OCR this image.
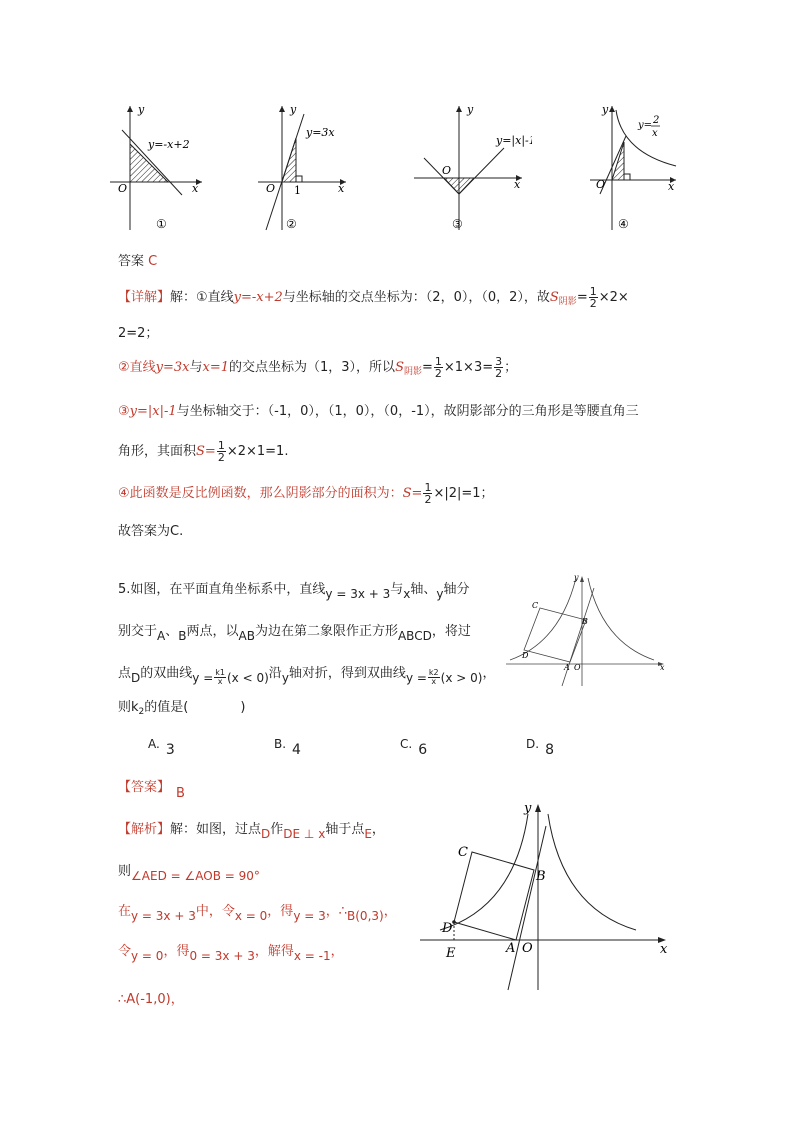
y
x
O
y=-x+2
①
y
x
O
y=3x
1
②
y
x
O
y=|x|-1
③
y
x
O
y= 2
x
④
答案 C
【详解】解：①直线y=-x+2与坐标轴的交点坐标为：（2，0），（0，2），故$S_{阴影}= \frac{1}{2} \times 2\times$
2=2；
②直线y=3x与x=1的交点坐标为（1，3），所以$S_{阴影}= \frac{1}{2} \times 1\times 3= \frac{3}{2}$ ；
③y=|x|-1与坐标轴交于：（-1，0），（1，0），（0，-1），故阴影部分的三角形是等腰直角三
角形，其面积$S= \frac{1}{2} \times 2\times 1=1$.
④此函数是反比例函数，那么阴影部分的面积为：$S= \frac{1}{2} \times|2|=1$；
故答案为C.
5.如图，在平面直角坐标系中，直线y = 3x + 3与x轴、y轴分
别交于A、B两点，以AB为边在第二象限作正方形ABCD，将过
点D的双曲线$y = \frac{k1}{x} (x < 0)$沿y轴对折，得到双曲线$y = \frac{k2}{x} (x > 0)$，
则$k_2$的值是(	)
A. 3	B. 4	C. 6	D. 8
y
x
C
B
D
A O
【答案】 B
【解析】解：如图，过点D作DE ⊥ x轴于点E，
则∠AED = ∠AOB = 90°
在y = 3x + 3中，令x = 0，得y = 3，∴B(0,3)，
令y = 0，得0 = 3x + 3，解得x = -1，
∴A(-1,0)，
y
x
C
B
D
E	A O
